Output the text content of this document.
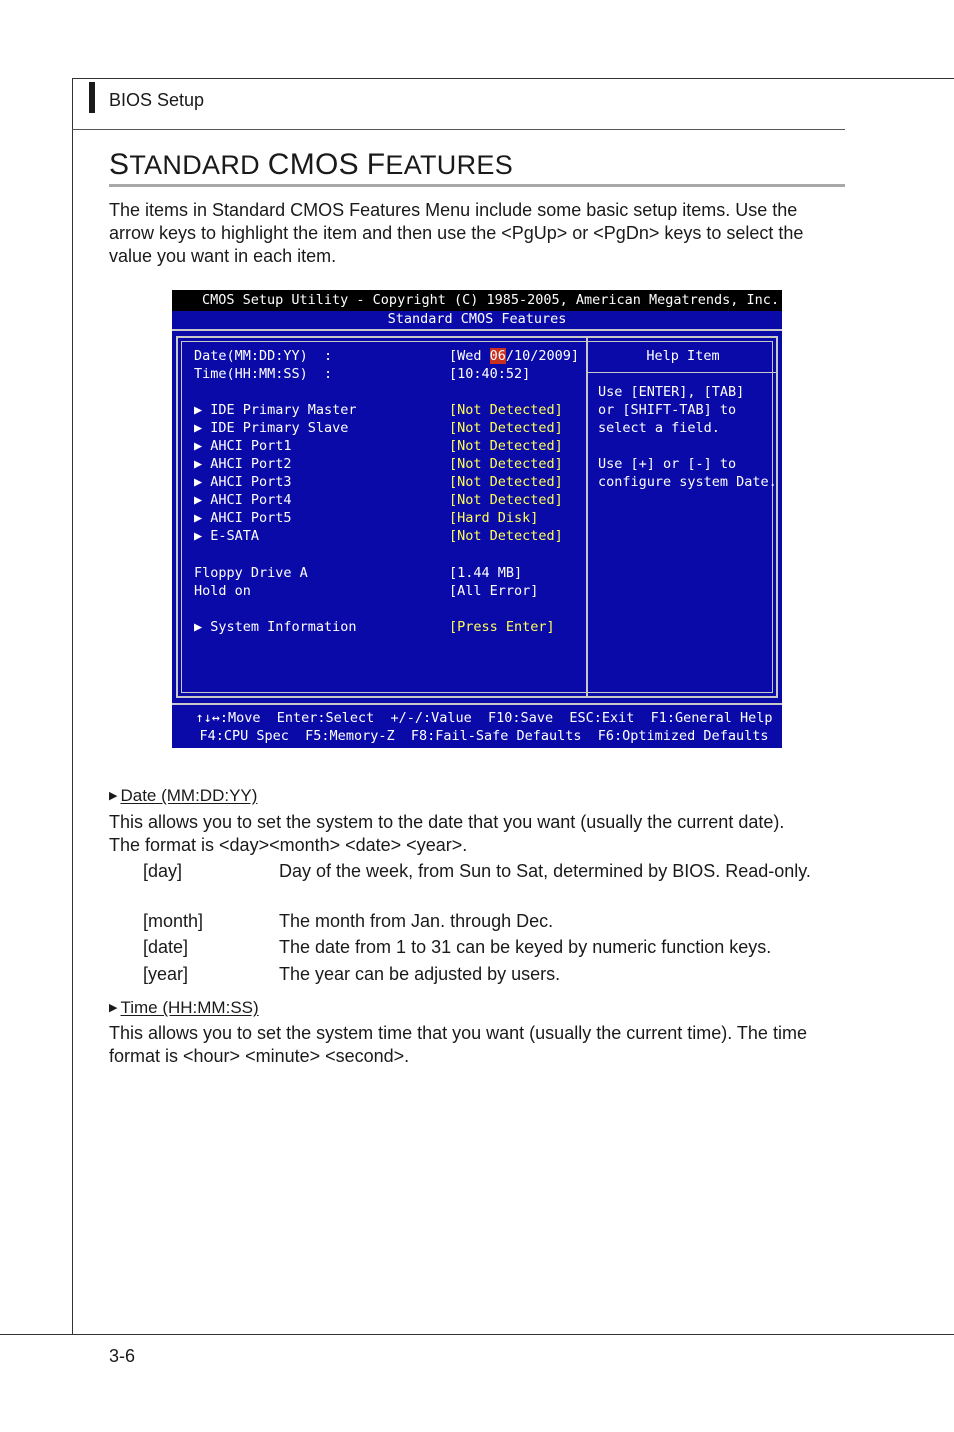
BIOS Setup
STANDARD CMOS FEATURES
The items in Standard CMOS Features Menu include some basic setup items. Use the
arrow keys to highlight the item and then use the <PgUp> or <PgDn> keys to select the
value you want in each item.
CMOS Setup Utility - Copyright (C) 1985-2005, American Megatrends, Inc.
Standard CMOS Features
Date(MM:DD:YY)  :	[Wed 06/10/2009]
Time(HH:MM:SS)  :	[10:40:52]
▶ IDE Primary Master	[Not Detected]
▶ IDE Primary Slave	[Not Detected]
▶ AHCI Port1	[Not Detected]
▶ AHCI Port2	[Not Detected]
▶ AHCI Port3	[Not Detected]
▶ AHCI Port4	[Not Detected]
▶ AHCI Port5	[Hard Disk]
▶ E-SATA	[Not Detected]
Floppy Drive A	[1.44 MB]
Hold on	[All Error]
▶ System Information	[Press Enter]
Help Item
Use [ENTER], [TAB]
or [SHIFT-TAB] to
select a field.
Use [+] or [-] to
configure system Date.
↑↓↔:Move  Enter:Select  +/-/:Value  F10:Save  ESC:Exit  F1:General Help
F4:CPU Spec  F5:Memory-Z  F8:Fail-Safe Defaults  F6:Optimized Defaults
▶ Date (MM:DD:YY)
This allows you to set the system to the date that you want (usually the current date).
The format is <day><month> <date> <year>.
[day]	Day of the week, from Sun to Sat, determined by BIOS. Read-only.
[month]	The month from Jan. through Dec.
[date]	The date from 1 to 31 can be keyed by numeric function keys.
[year]	The year can be adjusted by users.
▶ Time (HH:MM:SS)
This allows you to set the system time that you want (usually the current time). The time
format is <hour> <minute> <second>.
3-6
